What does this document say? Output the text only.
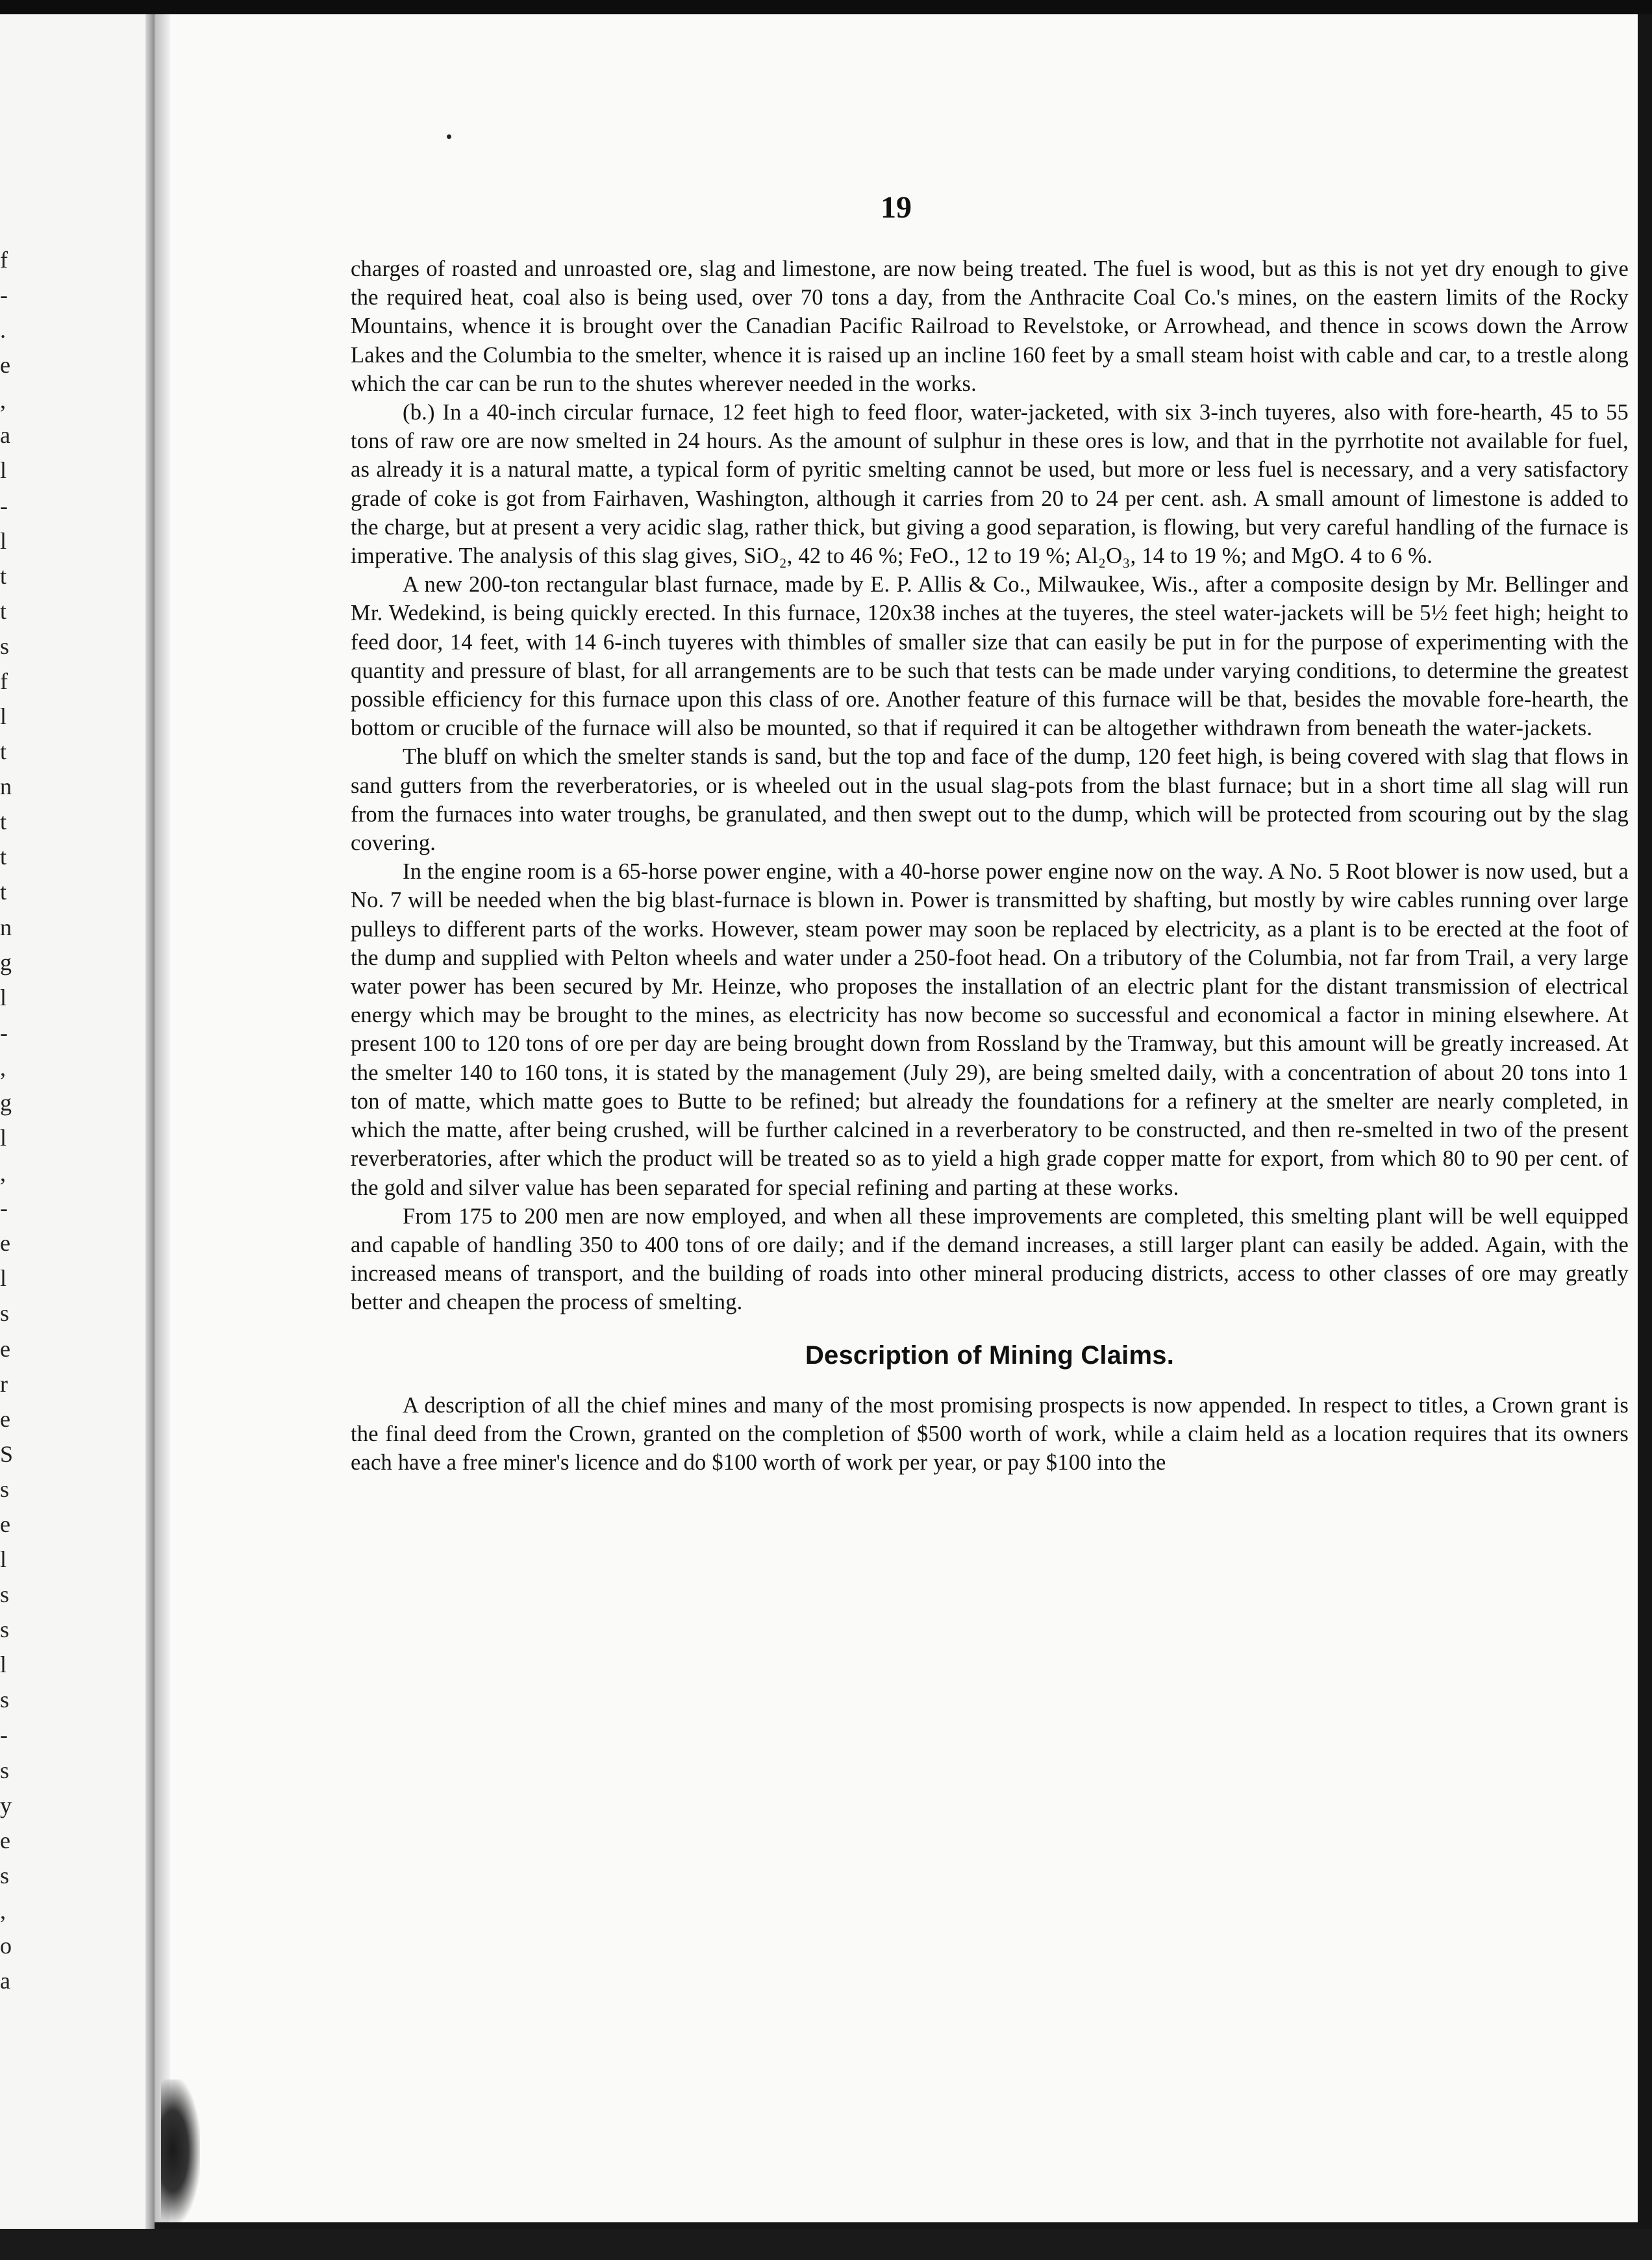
f
-
.
e
,
a
l
-
l
t
t
s
f
l
t
n
t
t
t
n
g
l
-
,
g
l
,
-
e
l
s
e
r
e
S
s
e
l
s
s
l
s
-
s
y
e
s
,
o
a
19

charges of roasted and unroasted ore, slag and limestone, are now being treated. The fuel is wood, but as this is not yet dry enough to give the required heat, coal also is being used, over 70 tons a day, from the Anthracite Coal Co.'s mines, on the eastern limits of the Rocky Mountains, whence it is brought over the Canadian Pacific Railroad to Revelstoke, or Arrowhead, and thence in scows down the Arrow Lakes and the Columbia to the smelter, whence it is raised up an incline 160 feet by a small steam hoist with cable and car, to a trestle along which the car can be run to the shutes wherever needed in the works.

(b.) In a 40-inch circular furnace, 12 feet high to feed floor, water-jacketed, with six 3-inch tuyeres, also with fore-hearth, 45 to 55 tons of raw ore are now smelted in 24 hours. As the amount of sulphur in these ores is low, and that in the pyrrhotite not available for fuel, as already it is a natural matte, a typical form of pyritic smelting cannot be used, but more or less fuel is necessary, and a very satisfactory grade of coke is got from Fairhaven, Washington, although it carries from 20 to 24 per cent. ash. A small amount of limestone is added to the charge, but at present a very acidic slag, rather thick, but giving a good separation, is flowing, but very careful handling of the furnace is imperative. The analysis of this slag gives, SiO₂, 42 to 46 %; FeO., 12 to 19 %; Al₂O₃, 14 to 19 %; and MgO. 4 to 6 %.

A new 200-ton rectangular blast furnace, made by E. P. Allis & Co., Milwaukee, Wis., after a composite design by Mr. Bellinger and Mr. Wedekind, is being quickly erected. In this furnace, 120x38 inches at the tuyeres, the steel water-jackets will be 5½ feet high; height to feed door, 14 feet, with 14 6-inch tuyeres with thimbles of smaller size that can easily be put in for the purpose of experimenting with the quantity and pressure of blast, for all arrangements are to be such that tests can be made under varying conditions, to determine the greatest possible efficiency for this furnace upon this class of ore. Another feature of this furnace will be that, besides the movable fore-hearth, the bottom or crucible of the furnace will also be mounted, so that if required it can be altogether withdrawn from beneath the water-jackets.

The bluff on which the smelter stands is sand, but the top and face of the dump, 120 feet high, is being covered with slag that flows in sand gutters from the reverberatories, or is wheeled out in the usual slag-pots from the blast furnace; but in a short time all slag will run from the furnaces into water troughs, be granulated, and then swept out to the dump, which will be protected from scouring out by the slag covering.

In the engine room is a 65-horse power engine, with a 40-horse power engine now on the way. A No. 5 Root blower is now used, but a No. 7 will be needed when the big blast-furnace is blown in. Power is transmitted by shafting, but mostly by wire cables running over large pulleys to different parts of the works. However, steam power may soon be replaced by electricity, as a plant is to be erected at the foot of the dump and supplied with Pelton wheels and water under a 250-foot head. On a tributory of the Columbia, not far from Trail, a very large water power has been secured by Mr. Heinze, who proposes the installation of an electric plant for the distant transmission of electrical energy which may be brought to the mines, as electricity has now become so successful and economical a factor in mining elsewhere. At present 100 to 120 tons of ore per day are being brought down from Rossland by the Tramway, but this amount will be greatly increased. At the smelter 140 to 160 tons, it is stated by the management (July 29), are being smelted daily, with a concentration of about 20 tons into 1 ton of matte, which matte goes to Butte to be refined; but already the foundations for a refinery at the smelter are nearly completed, in which the matte, after being crushed, will be further calcined in a reverberatory to be constructed, and then re-smelted in two of the present reverberatories, after which the product will be treated so as to yield a high grade copper matte for export, from which 80 to 90 per cent. of the gold and silver value has been separated for special refining and parting at these works.

From 175 to 200 men are now employed, and when all these improvements are completed, this smelting plant will be well equipped and capable of handling 350 to 400 tons of ore daily; and if the demand increases, a still larger plant can easily be added. Again, with the increased means of transport, and the building of roads into other mineral producing districts, access to other classes of ore may greatly better and cheapen the process of smelting.

Description of Mining Claims.

A description of all the chief mines and many of the most promising prospects is now appended. In respect to titles, a Crown grant is the final deed from the Crown, granted on the completion of $500 worth of work, while a claim held as a location requires that its owners each have a free miner's licence and do $100 worth of work per year, or pay $100 into the
